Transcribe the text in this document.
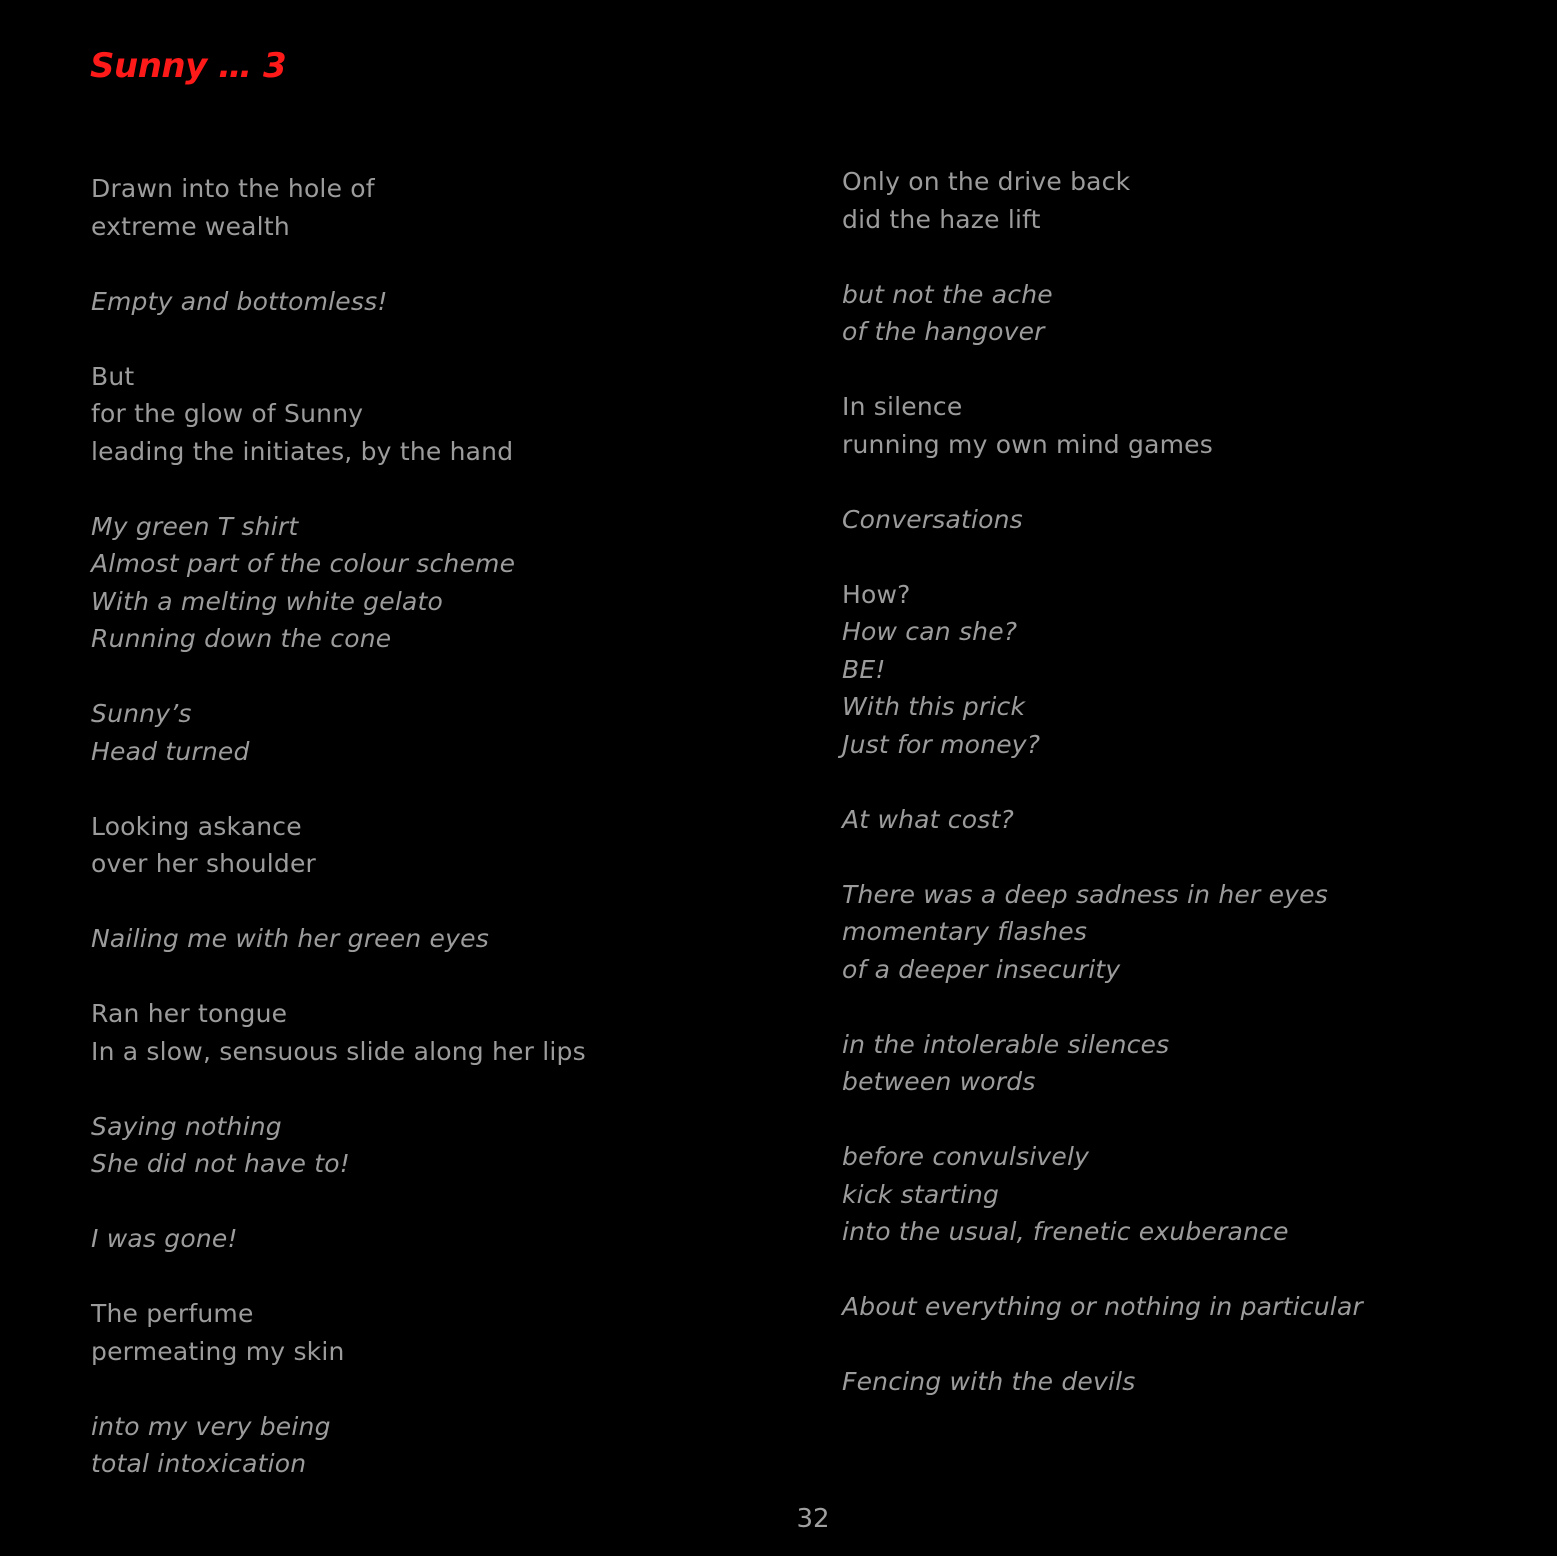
Sunny … 3
Drawn into the hole of
extreme wealth
Empty and bottomless!
But
for the glow of Sunny
leading the initiates, by the hand
My green T shirt
Almost part of the colour scheme
With a melting white gelato
Running down the cone
Sunny’s
Head turned
Looking askance
over her shoulder
Nailing me with her green eyes
Ran her tongue
In a slow, sensuous slide along her lips
Saying nothing
She did not have to!
I was gone!
The perfume
permeating my skin
into my very being
total intoxication
Only on the drive back
did the haze lift
but not the ache
of the hangover
In silence
running my own mind games
Conversations
How?
How can she?
BE!
With this prick
Just for money?
At what cost?
There was a deep sadness in her eyes
momentary flashes
of a deeper insecurity
in the intolerable silences
between words
before convulsively
kick starting
into the usual, frenetic exuberance
About everything or nothing in particular
Fencing with the devils
32
